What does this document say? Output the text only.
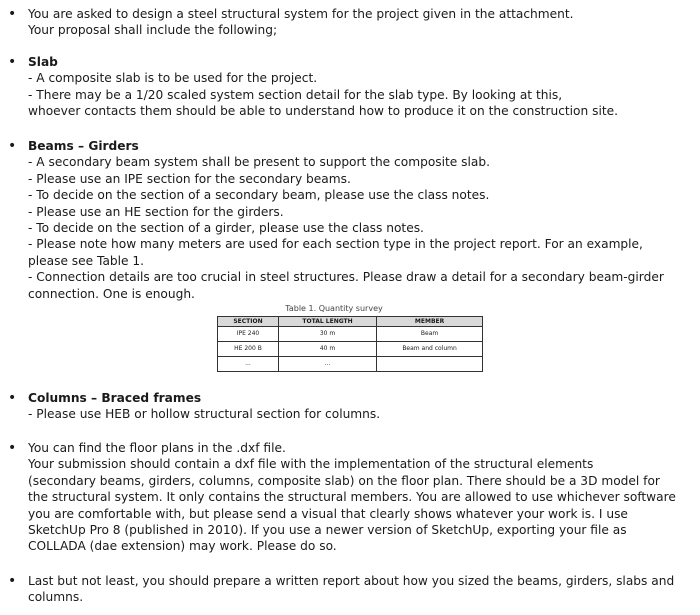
• You are asked to design a steel structural system for the project given in the attachment.
Your proposal shall include the following;
• Slab
- A composite slab is to be used for the project.
- There may be a 1/20 scaled system section detail for the slab type. By looking at this,
whoever contacts them should be able to understand how to produce it on the construction site.
• Beams – Girders
- A secondary beam system shall be present to support the composite slab.
- Please use an IPE section for the secondary beams.
- To decide on the section of a secondary beam, please use the class notes.
- Please use an HE section for the girders.
- To decide on the section of a girder, please use the class notes.
- Please note how many meters are used for each section type in the project report. For an example,
please see Table 1.
- Connection details are too crucial in steel structures. Please draw a detail for a secondary beam-girder
connection. One is enough.
Table 1. Quantity survey
SECTION	TOTAL LENGTH	MEMBER
IPE 240	30 m	Beam
HE 200 B	40 m	Beam and column
...	...	
• Columns – Braced frames
- Please use HEB or hollow structural section for columns.
• You can find the floor plans in the .dxf file.
Your submission should contain a dxf file with the implementation of the structural elements
(secondary beams, girders, columns, composite slab) on the floor plan. There should be a 3D model for
the structural system. It only contains the structural members. You are allowed to use whichever software
you are comfortable with, but please send a visual that clearly shows whatever your work is. I use
SketchUp Pro 8 (published in 2010). If you use a newer version of SketchUp, exporting your file as
COLLADA (dae extension) may work. Please do so.
• Last but not least, you should prepare a written report about how you sized the beams, girders, slabs and
columns.
